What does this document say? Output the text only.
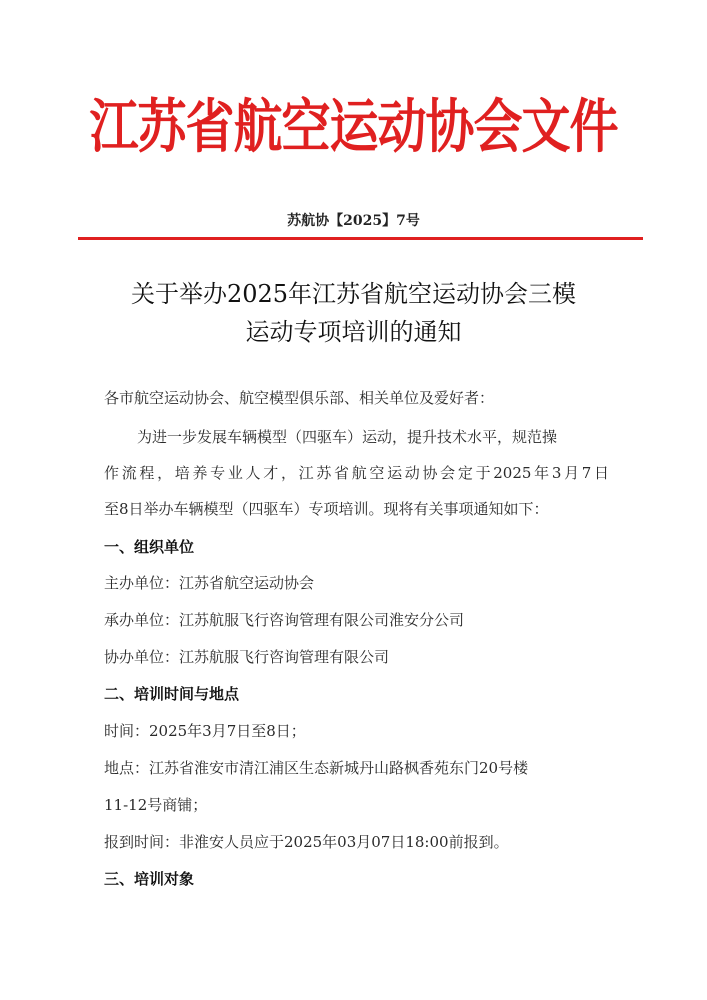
江苏省航空运动协会文件
苏航协【2025】7号
关于举办2025年江苏省航空运动协会三模
运动专项培训的通知
各市航空运动协会、航空模型俱乐部、相关单位及爱好者：
为进一步发展车辆模型（四驱车）运动，提升技术水平，规范操
作流程，培养专业人才，江苏省航空运动协会定于2025年3月7日
至8日举办车辆模型（四驱车）专项培训。现将有关事项通知如下：
一、组织单位
主办单位：江苏省航空运动协会
承办单位：江苏航服飞行咨询管理有限公司淮安分公司
协办单位：江苏航服飞行咨询管理有限公司
二、培训时间与地点
时间：2025年3月7日至8日；
地点：江苏省淮安市清江浦区生态新城丹山路枫香苑东门20号楼
11-12号商铺；
报到时间：非淮安人员应于2025年03月07日18:00前报到。
三、培训对象
